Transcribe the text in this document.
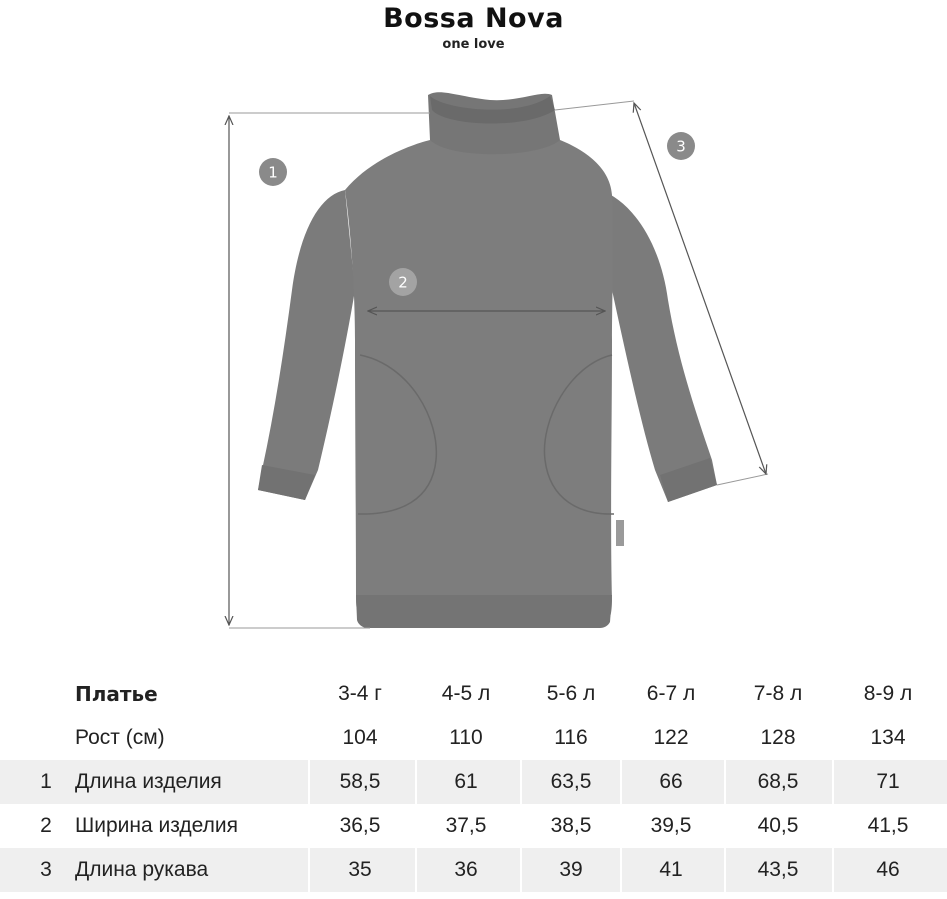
Bossa Nova
one love
1
2
3
Платье	3-4 г	4-5 л	5-6 л	6-7 л	7-8 л	8-9 л
Рост (см)	104	110	116	122	128	134
1 Длина изделия	58,5	61	63,5	66	68,5	71
2 Ширина изделия	36,5	37,5	38,5	39,5	40,5	41,5
3 Длина рукава	35	36	39	41	43,5	46
